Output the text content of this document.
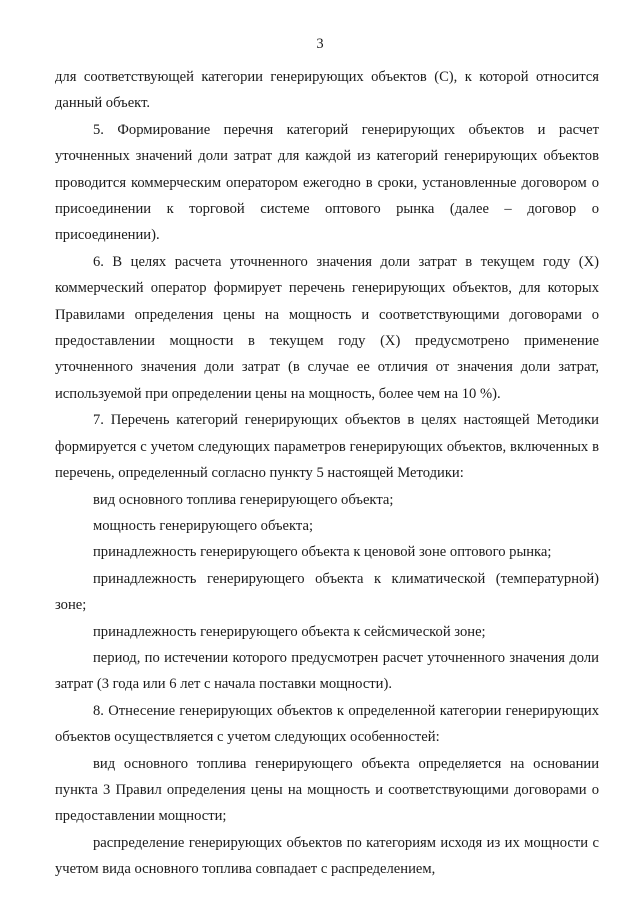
3

для соответствующей категории генерирующих объектов (C), к которой относится данный объект.

5. Формирование перечня категорий генерирующих объектов и расчет уточненных значений доли затрат для каждой из категорий генерирующих объектов проводится коммерческим оператором ежегодно в сроки, установленные договором о присоединении к торговой системе оптового рынка (далее – договор о присоединении).

6. В целях расчета уточненного значения доли затрат в текущем году (X) коммерческий оператор формирует перечень генерирующих объектов, для которых Правилами определения цены на мощность и соответствующими договорами о предоставлении мощности в текущем году (X) предусмотрено применение уточненного значения доли затрат (в случае ее отличия от значения доли затрат, используемой при определении цены на мощность, более чем на 10 %).

7. Перечень категорий генерирующих объектов в целях настоящей Методики формируется с учетом следующих параметров генерирующих объектов, включенных в перечень, определенный согласно пункту 5 настоящей Методики:

вид основного топлива генерирующего объекта;

мощность генерирующего объекта;

принадлежность генерирующего объекта к ценовой зоне оптового рынка;

принадлежность генерирующего объекта к климатической (температурной) зоне;

принадлежность генерирующего объекта к сейсмической зоне;

период, по истечении которого предусмотрен расчет уточненного значения доли затрат (3 года или 6 лет с начала поставки мощности).

8. Отнесение генерирующих объектов к определенной категории генерирующих объектов осуществляется с учетом следующих особенностей:

вид основного топлива генерирующего объекта определяется на основании пункта 3 Правил определения цены на мощность и соответствующими договорами о предоставлении мощности;

распределение генерирующих объектов по категориям исходя из их мощности с учетом вида основного топлива совпадает с распределением,
